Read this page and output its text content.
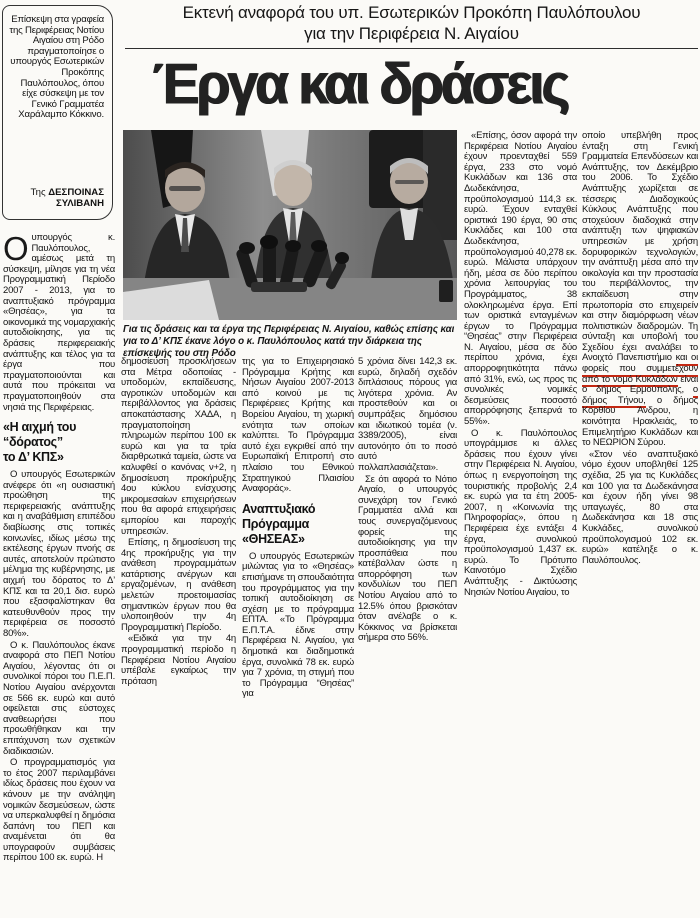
Εκτενή αναφορά του υπ. Εσωτερικών Προκόπη Παυλόπουλου
για την Περιφέρεια Ν. Αιγαίου
Έργα και δράσεις
Επίσκεψη στα γραφεία της Περιφέρειας Νοτίου Αιγαίου στη Ρόδο πραγματοποίησε ο υπουργός Εσωτερικών Προκόπης Παυλόπουλος, όπου είχε σύσκεψη με τον Γενικό Γραμματέα Χαράλαμπο Κόκκινο.
Της ΔΕΣΠΟΙΝΑΣ ΣΥΛΙΒΑΝΗ
Για τις δράσεις και τα έργα της Περιφέρειας Ν. Αιγαίου, καθώς επίσης και για το Δ’ ΚΠΣ έκανε λόγο ο κ. Παυλόπουλος κατά την διάρκεια της επίσκεψής του στη Ρόδο

Ουπουργός κ. Παυλόπουλος, αμέσως μετά τη σύσκεψη, μίλησε για τη νέα Προγραμματική Περίοδο 2007 - 2013, για το αναπτυξιακό πρόγραμμα «Θησέας», για τα οικονομικά της νομαρχιακής αυτοδιοίκησης, για τις δράσεις περιφερειακής ανάπτυξης και τέλος για τα έργα που πραγματοποιούνται και αυτά που πρόκειται να πραγματοποιηθούν στα νησιά της Περιφέρειας.

«Η αιχμή του
“δόρατος”
το Δ’ ΚΠΣ»

Ο υπουργός Εσωτερικών ανέφερε ότι «η ουσιαστική προώθηση της περιφερειακής ανάπτυξης και η αναβάθμιση επιπέδου διαβίωσης στις τοπικές κοινωνίες, ιδίως μέσω της εκτέλεσης έργων πνοής σε αυτές, αποτελούν πρώτιστο μέλημα της κυβέρνησης, με αιχμή του δόρατος το Δ’ ΚΠΣ και τα 20,1 δισ. ευρώ που εξασφαλίστηκαν θα κατευθυνθούν προς την περιφέρεια σε ποσοστό 80%».

Ο κ. Παυλόπουλος έκανε αναφορά στο ΠΕΠ Νοτίου Αιγαίου, λέγοντας ότι οι συνολικοί πόροι του Π.Ε.Π. Νοτίου Αιγαίου ανέρχονται σε 566 εκ. ευρώ και αυτό οφείλεται στις εύστοχες αναθεωρήσει που προωθήθηκαν και την επιτάχυνση των σχετικών διαδικασιών.

Ο προγραμματισμός για το έτος 2007 περιλαμβάνει ιδίως δράσεις που έχουν να κάνουν με την ανάληψη νομικών δεσμεύσεων, ώστε να υπερκαλυφθεί η δημόσια δαπάνη του ΠΕΠ και αναμένεται ότι θα υπογραφούν συμβάσεις περίπου 100 εκ. ευρώ. Η

δημοσίευση προσκλήσεων στα Μέτρα οδοποιίας - υποδομών, εκπαίδευσης, αγροτικών υποδομών και περιβάλλοντος για δράσεις αποκατάστασης ΧΑΔΑ, η πραγματοποίηση πληρωμών περίπου 100 εκ ευρώ και για τα τρία διαρθρωτικά ταμεία, ώστε να καλυφθεί ο κανόνας ν+2, η δημοσίευση προκήρυξης 4ου κύκλου ενίσχυσης μικρομεσαίων επιχειρήσεων που θα αφορά επιχειρήσεις εμπορίου και παροχής υπηρεσιών.

Επίσης, η δημοσίευση της 4ης προκήρυξης για την ανάθεση προγραμμάτων κατάρτισης ανέργων και εργαζομένων, η ανάθεση μελετών προετοιμασίας σημαντικών έργων που θα υλοποιηθούν την 4η Προγραμματική Περίοδο.

«Ειδικά για την 4η προγραμματική περίοδο η Περιφέρεια Νοτίου Αιγαίου υπέβαλε εγκαίρως την πρόταση

της για το Επιχειρησιακό Πρόγραμμα Κρήτης και Νήσων Αιγαίου 2007-2013 από κοινού με τις Περιφέρειες Κρήτης και Βορείου Αιγαίου, τη χωρική ενότητα των οποίων καλύπτει. Το Πρόγραμμα αυτό έχει εγκριθεί από την Ευρωπαϊκή Επιτροπή στο πλαίσιο του Εθνικού Στρατηγικού Πλαισίου Αναφοράς».

Αναπτυξιακό
Πρόγραμμα
«ΘΗΣΕΑΣ»

Ο υπουργός Εσωτερικών μιλώντας για το «Θησέας» επισήμανε τη σπουδαιότητα του προγράμματος για την τοπική αυτοδιοίκηση σε σχέση με το πρόγραμμα ΕΠΤΑ. «Το Πρόγραμμα Ε.Π.Τ.Α. έδινε στην Περιφέρεια Ν. Αιγαίου, για δημοτικά και διαδημοτικά έργα, συνολικά 78 εκ. ευρώ για 7 χρόνια, τη στιγμή που το Πρόγραμμα “Θησέας” για

5 χρόνια δίνει 142,3 εκ. ευρώ, δηλαδή σχεδόν διπλάσιους πόρους για λιγότερα χρόνια. Αν προστεθούν και οι συμπράξεις δημόσιου και ιδιωτικού τομέα (ν. 3389/2005), είναι αυτονόητο ότι το ποσό αυτό πολλαπλασιάζεται».

Σε ότι αφορά το Νότιο Αιγαίο, ο υπουργός συνεχάρη τον Γενικό Γραμματέα αλλά και τους συνεργαζόμενους φορείς της αυτοδιοίκησης για την προσπάθεια που κατέβαλλαν ώστε η απορρόφηση των κονδυλίων του ΠΕΠ Νοτίου Αιγαίου από το 12.5% όπου βρισκόταν όταν ανέλαβε ο κ. Κόκκινος να βρίσκεται σήμερα στο 56%.

«Επίσης, όσον αφορά την Περιφέρεια Νοτίου Αιγαίου έχουν προενταχθεί 559 έργα, 233 στο νομό Κυκλάδων και 136 στα Δωδεκάνησα, προϋπολογισμού 114,3 εκ. ευρώ. Έχουν ενταχθεί οριστικά 190 έργα, 90 στις Κυκλάδες και 100 στα Δωδεκάνησα, προϋπολογισμού 40,278 εκ. ευρώ. Μάλιστα υπάρχουν ήδη, μέσα σε δύο περίπου χρόνια λειτουργίας του Προγράμματος, 38 ολοκληρωμένα έργα. Επί των οριστικά ενταγμένων έργων το Πρόγραμμα “Θησέας” στην Περιφέρεια Ν. Αιγαίου, μέσα σε δύο περίπου χρόνια, έχει απορροφητικότητα πάνω από 31%, ενώ, ως προς τις συνολικές νομικές δεσμεύσεις ποσοστό απορρόφησης ξεπερνά το 55%».

Ο κ. Παυλόπουλος υπογράμμισε κι άλλες δράσεις που έχουν γίνει στην Περιφέρεια Ν. Αιγαίου, όπως η ενεργοποίηση της τουριστικής προβολής 2,4 εκ. ευρώ για τα έτη 2005-2007, η «Κοινωνία της Πληροφορίας», όπου η Περιφέρεια έχε εντάξει 4 έργα, συνολικού προϋπολογισμού 1,437 εκ. ευρώ. Το Πρότυπο Καινοτόμο Σχέδιο Ανάπτυξης - Δικτύωσης Νησιών Νοτίου Αιγαίου, το

οποίο υπεβλήθη προς ένταξη στη Γενική Γραμματεία Επενδύσεων και Ανάπτυξης, τον Δεκέμβριο του 2006. Το Σχέδιο Ανάπτυξης χωρίζεται σε τέσσερις Διαδοχικούς Κύκλους Ανάπτυξης που στοχεύουν διαδοχικά στην ανάπτυξη των ψηφιακών υπηρεσιών με χρήση δορυφορικών τεχνολογιών, την ανάπτυξη μέσα από την οικολογία και την προστασία του περιβάλλοντος, την εκπαίδευση στην πρωτοπορία στο επιχειρείν και στην διαμόρφωση νέων πολιτιστικών διαδρομών. Τη σύνταξη και υποβολή του Σχεδίου έχει αναλάβει το Ανοιχτό Πανεπιστήμιο και οι φορείς που συμμετέχουν από το νομό Κυκλάδων είναι ο δήμος Ερμούπολης, ο δήμος Τήνου, ο δήμος Κορθίου Άνδρου, η κοινότητα Ηρακλειάς, το Επιμελητήριο Κυκλάδων και το ΝΕΩΡΙΟΝ Σύρου.

«Στον νέο αναπτυξιακό νόμο έχουν υποβληθεί 125 σχέδια, 25 για τις Κυκλάδες και 100 για τα Δωδεκάνησα και έχουν ήδη γίνει 98 υπαγωγές, 80 στα Δωδεκάνησα και 18 στις Κυκλάδες, συνολικού προϋπολογισμού 102 εκ. ευρώ» κατέληξε ο κ. Παυλόπουλος.
